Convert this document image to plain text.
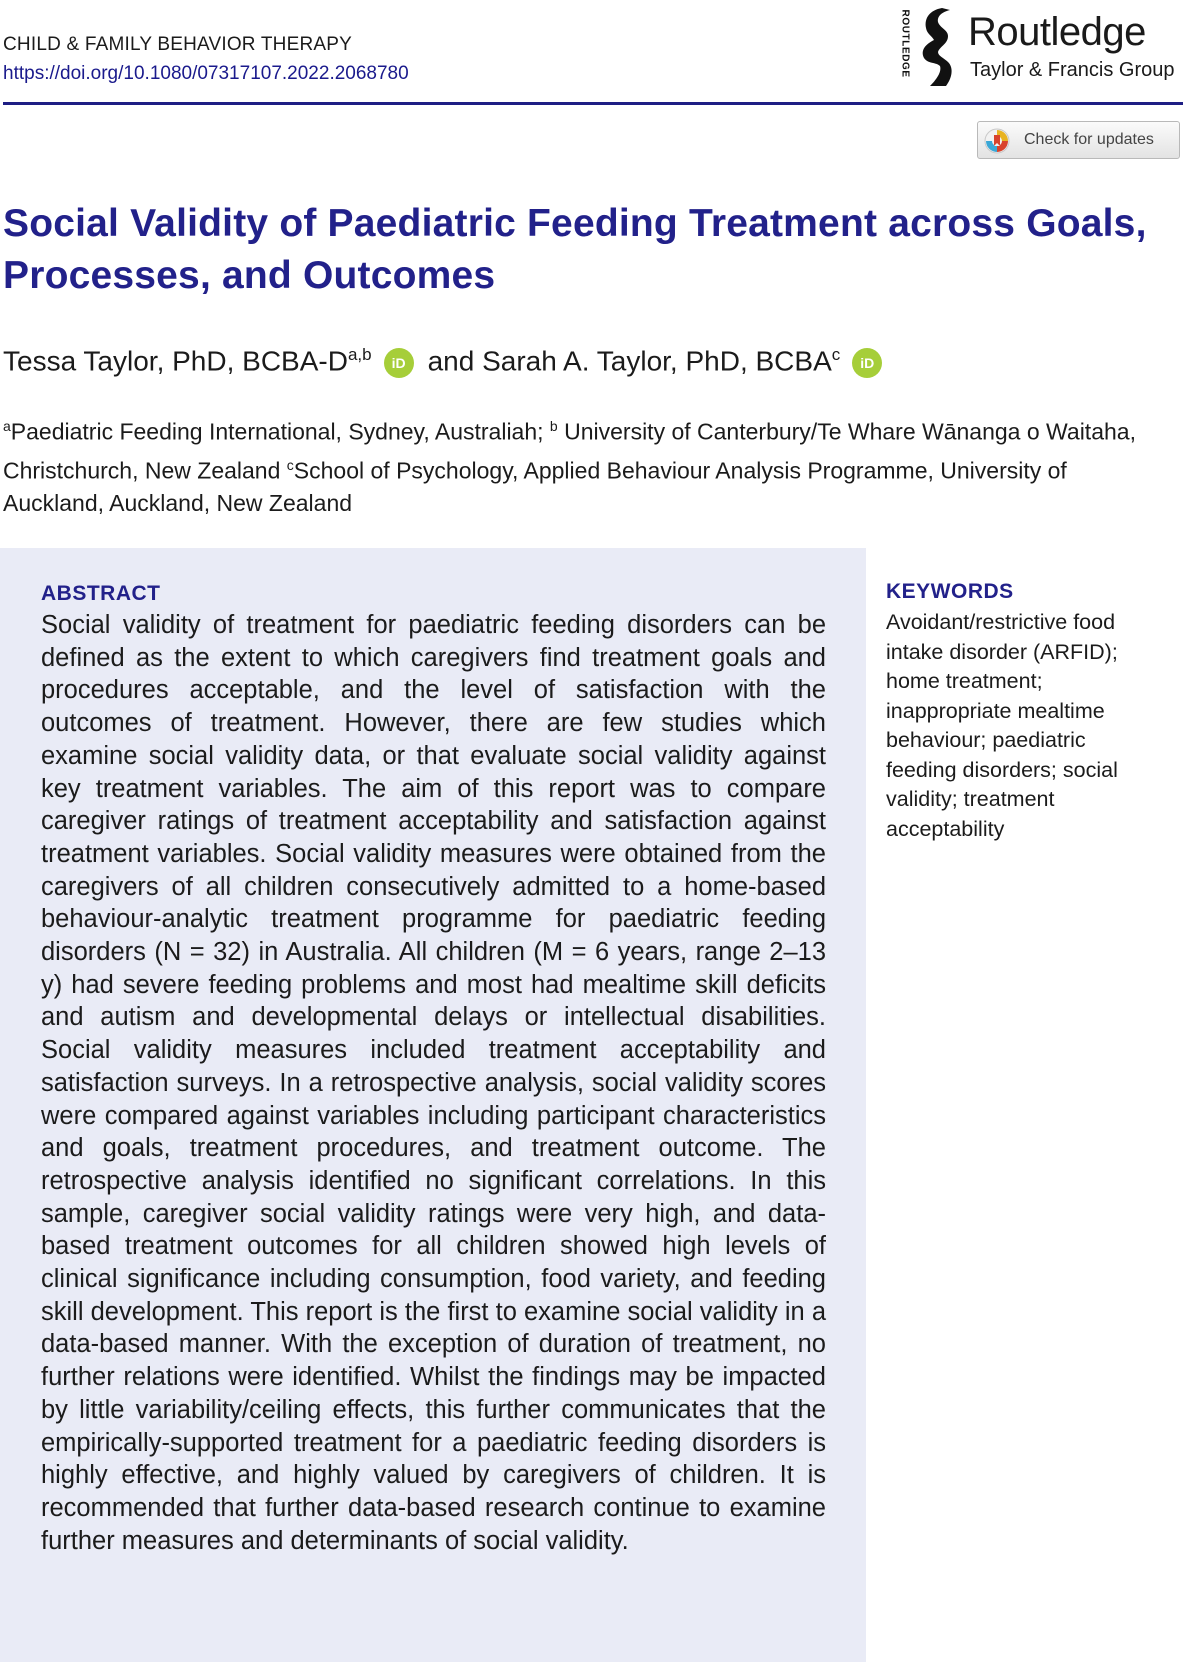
CHILD & FAMILY BEHAVIOR THERAPY
https://doi.org/10.1080/07317107.2022.2068780	ROUTLEDGE Routledge
Taylor & Francis Group
Check for updates
Social Validity of Paediatric Feeding Treatment across Goals, Processes, and Outcomes
Tessa Taylor, PhD, BCBA-$D^{a,b}$ iD and Sarah A. Taylor, PhD, BCBA$^c$ iD
$^a$Paediatric Feeding International, Sydney, Australiah; $^b$ University of Canterbury/Te Whare Wānanga o Waitaha, Christchurch, New Zealand $^c$School of Psychology, Applied Behaviour Analysis Programme, University of Auckland, Auckland, New Zealand
ABSTRACT
Social validity of treatment for paediatric feeding disorders can be defined as the extent to which caregivers find treatment goals and procedures acceptable, and the level of satisfaction with the outcomes of treatment. However, there are few studies which examine social validity data, or that evaluate social validity against key treatment variables. The aim of this report was to compare caregiver ratings of treatment acceptability and satisfaction against treatment variables. Social validity measures were obtained from the caregivers of all children consecutively admitted to a home-based behaviour-analytic treatment programme for paediatric feeding disorders (N = 32) in Australia. All children (M = 6 years, range 2–13 y) had severe feeding problems and most had mealtime skill deficits and autism and developmental delays or intellectual disabilities. Social validity measures included treatment acceptability and satisfaction surveys. In a retrospective analysis, social validity scores were compared against variables including participant characteristics and goals, treatment procedures, and treatment outcome. The retrospective analysis identified no significant correlations. In this sample, caregiver social validity ratings were very high, and data-based treatment outcomes for all children showed high levels of clinical significance including consumption, food variety, and feeding skill development. This report is the first to examine social validity in a data-based manner. With the exception of duration of treatment, no further relations were identified. Whilst the findings may be impacted by little variability/ceiling effects, this further communicates that the empirically-supported treatment for a paediatric feeding disorders is highly effective, and highly valued by caregivers of children. It is recommended that further data-based research continue to examine further measures and determinants of social validity.
KEYWORDS
Avoidant/restrictive food intake disorder (ARFID); home treatment; inappropriate mealtime behaviour; paediatric feeding disorders; social validity; treatment acceptability
